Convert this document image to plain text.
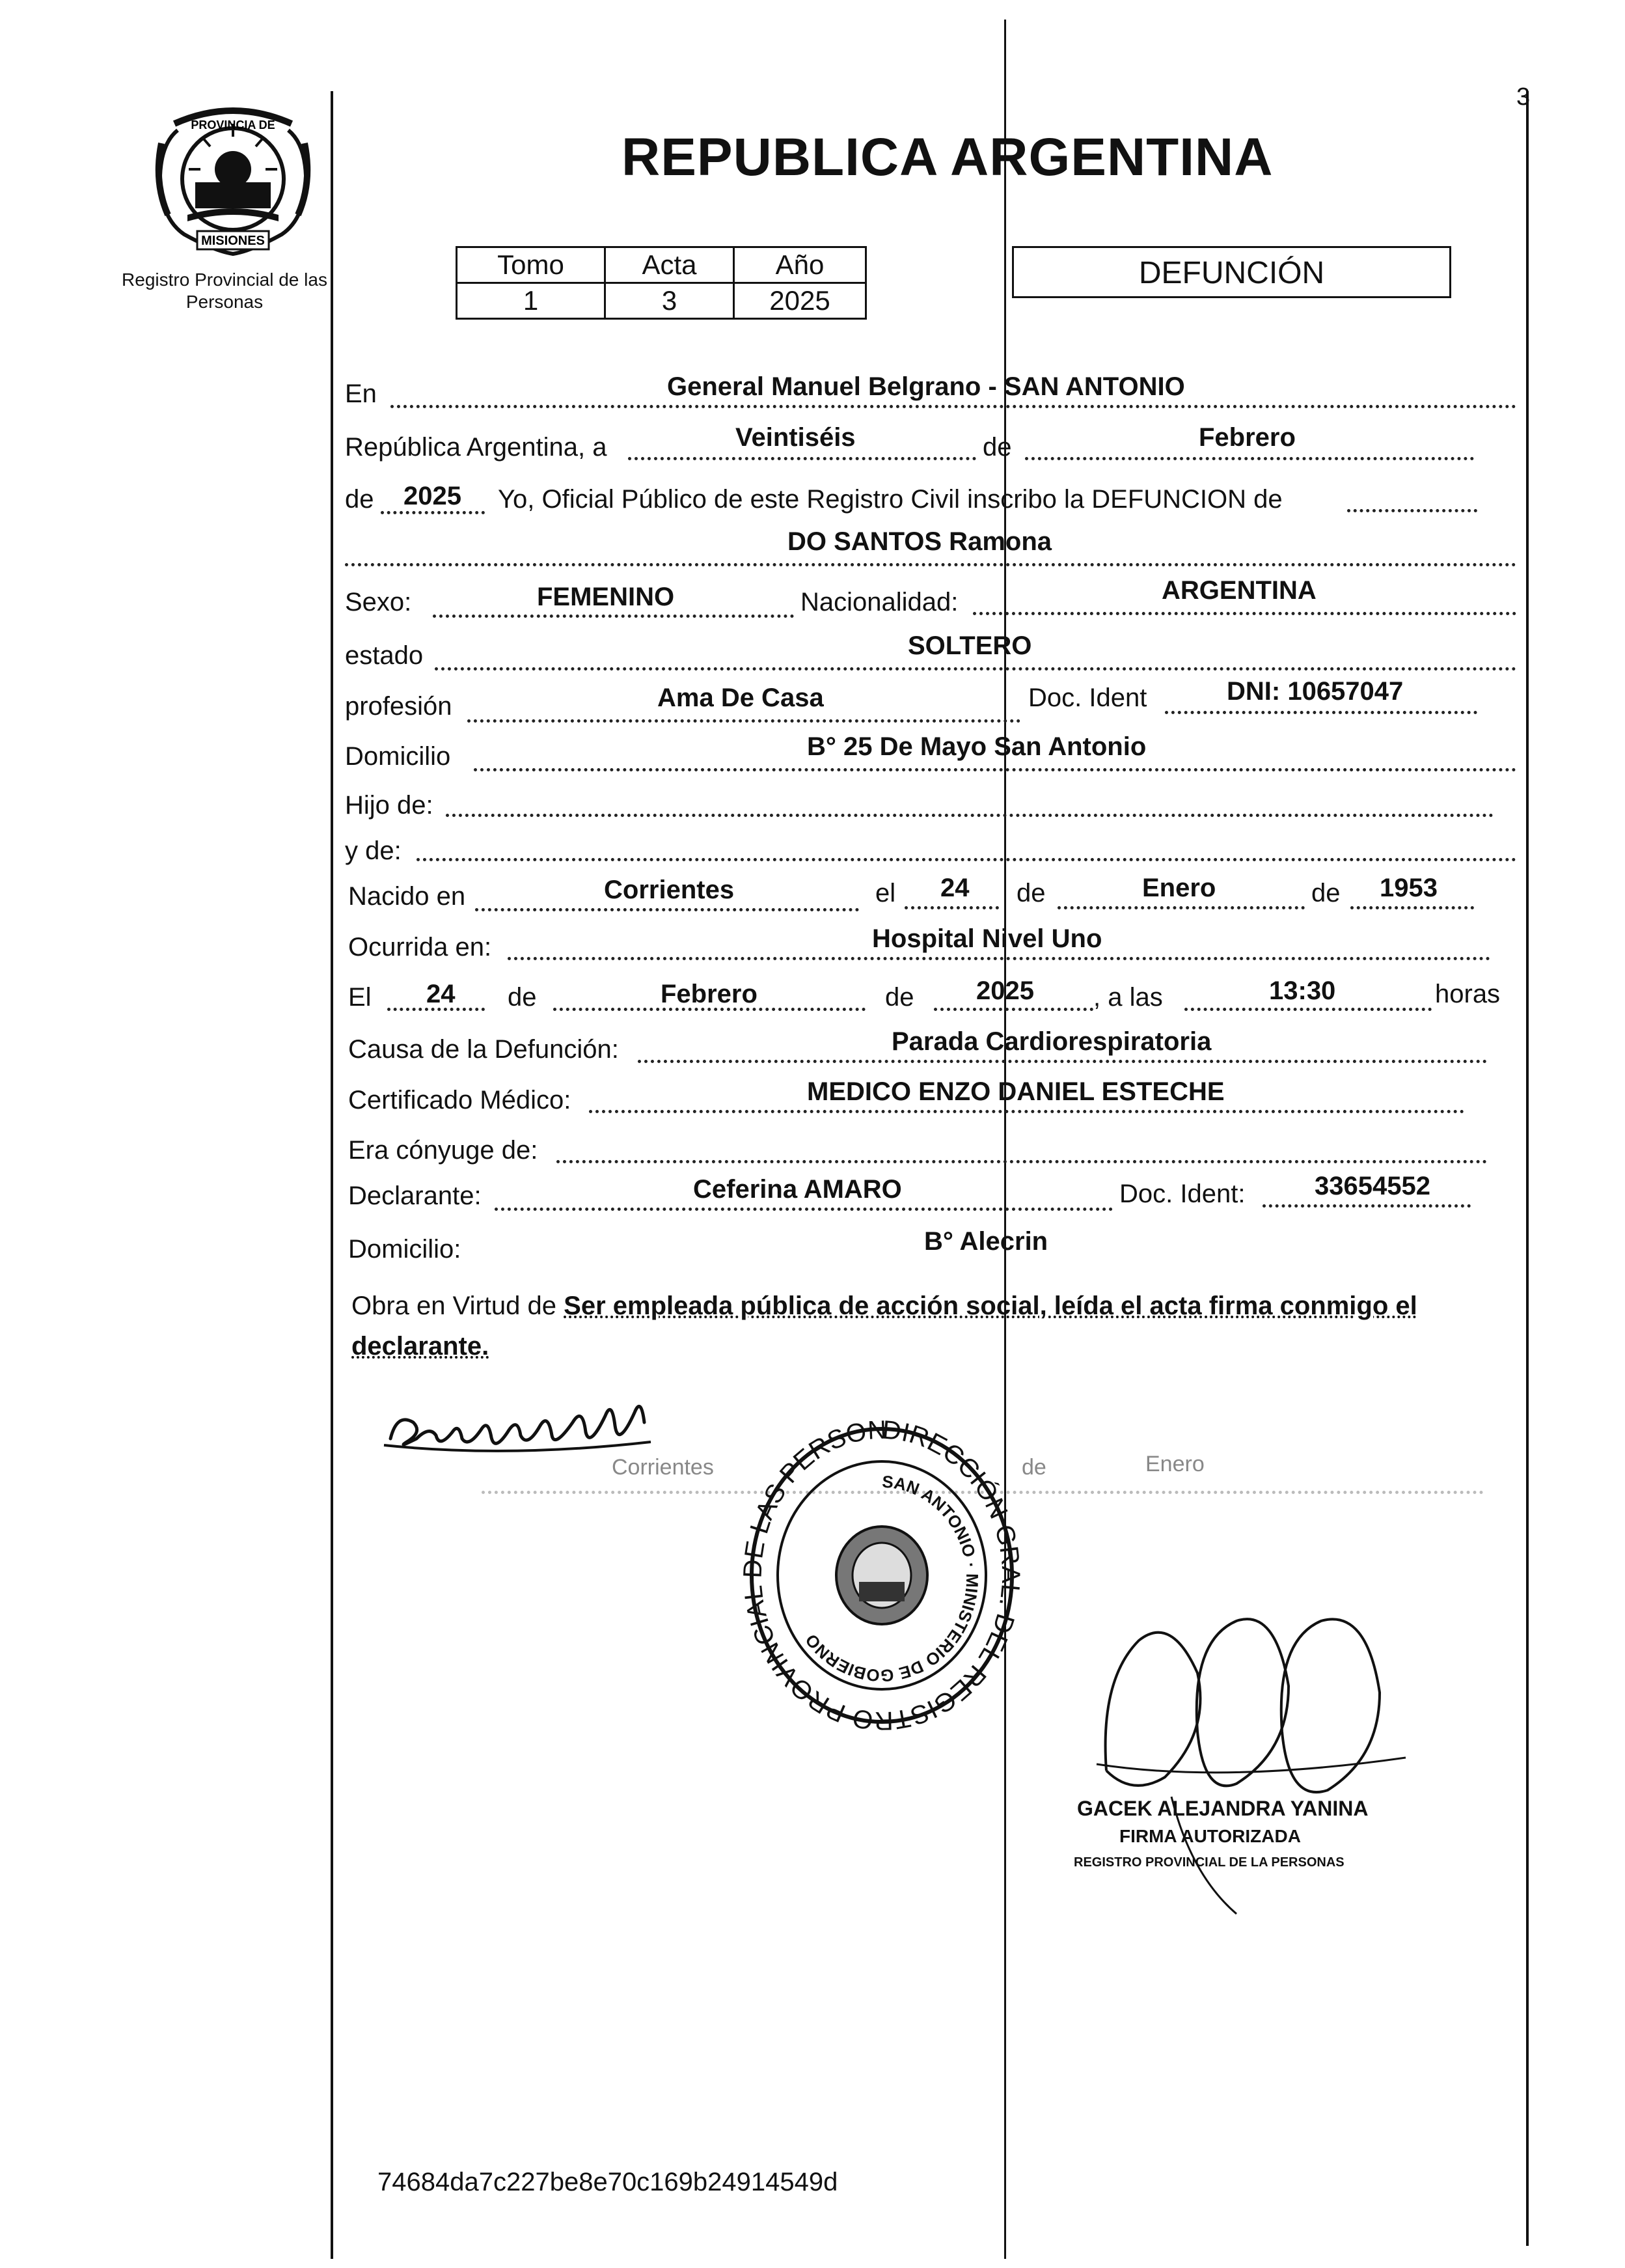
3
PROVINCIA DE
MISIONES
Registro Provincial de las Personas
REPUBLICA ARGENTINA
Tomo	Acta	Año
1	3	2025
DEFUNCIÓN
En	General Manuel Belgrano - SAN ANTONIO
República Argentina, a	Veintiséis	de	Febrero
de 2025 Yo, Oficial Público de este Registro Civil inscribo la DEFUNCION de
DO SANTOS Ramona
Sexo:	FEMENINO	Nacionalidad:	ARGENTINA
estado	SOLTERO
profesión	Ama De Casa	Doc. Ident	DNI: 10657047
Domicilio	B° 25 De Mayo San Antonio
Hijo de:
y de:
Nacido en	Corrientes	el 24 de	Enero	de 1953
Ocurrida en:	Hospital Nivel Uno
El 24 de	Febrero	de 2025 , a las	13:30	horas
Causa de la Defunción:	Parada Cardiorespiratoria
Certificado Médico:	MEDICO ENZO DANIEL ESTECHE
Era cónyuge de:
Declarante:	Ceferina AMARO	Doc. Ident:	33654552
Domicilio:	B° Alecrin
Obra en Virtud de Ser empleada pública de acción social, leída el acta firma conmigo el declarante.
Corrientes	de	Enero
DIRECCIÓN GR . DEL REGISTRO PROVINCIAL E LAS PERSON
SAN ANTONIO · MINISTERIO DE GOBIERNO
GACEK ALEJANDRA YANINA
FIRMA AUTORIZADA
REGISTRO PROVINCIAL DE LA PERSONAS
74684da7c227be8e70c169b24914549d
